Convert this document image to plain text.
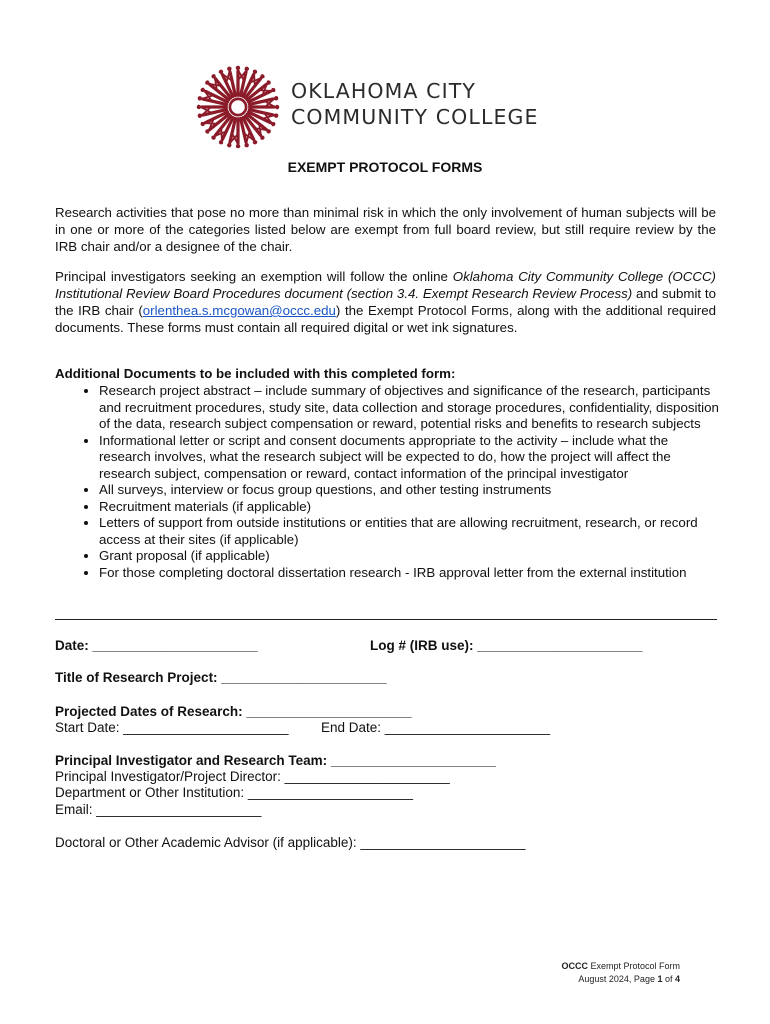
OKLAHOMA CITY
COMMUNITY COLLEGE
EXEMPT PROTOCOL FORMS
Research activities that pose no more than minimal risk in which the only involvement of human subjects will be in one or more of the categories listed below are exempt from full board review, but still require review by the IRB chair and/or a designee of the chair.
Principal investigators seeking an exemption will follow the online Oklahoma City Community College (OCCC) Institutional Review Board Procedures document (section 3.4. Exempt Research Review Process) and submit to the IRB chair (orlenthea.s.mcgowan@occc.edu) the Exempt Protocol Forms, along with the additional required documents. These forms must contain all required digital or wet ink signatures.
Additional Documents to be included with this completed form:
• Research project abstract – include summary of objectives and significance of the research, participants and recruitment procedures, study site, data collection and storage procedures, confidentiality, disposition of the data, research subject compensation or reward, potential risks and benefits to research subjects
• Informational letter or script and consent documents appropriate to the activity – include what the research involves, what the research subject will be expected to do, how the project will affect the research subject, compensation or reward, contact information of the principal investigator
• All surveys, interview or focus group questions, and other testing instruments
• Recruitment materials (if applicable)
• Letters of support from outside institutions or entities that are allowing recruitment, research, or record access at their sites (if applicable)
• Grant proposal (if applicable)
• For those completing doctoral dissertation research - IRB approval letter from the external institution
Date: ______________________	Log # (IRB use): ______________________
Title of Research Project: ______________________
Projected Dates of Research: ______________________
Start Date: ______________________ End Date: ______________________
Principal Investigator and Research Team: ______________________
Principal Investigator/Project Director: ______________________
Department or Other Institution: ______________________
Email: ______________________
Doctoral or Other Academic Advisor (if applicable): ______________________
OCCC Exempt Protocol Form
August 2024, Page 1 of 4
